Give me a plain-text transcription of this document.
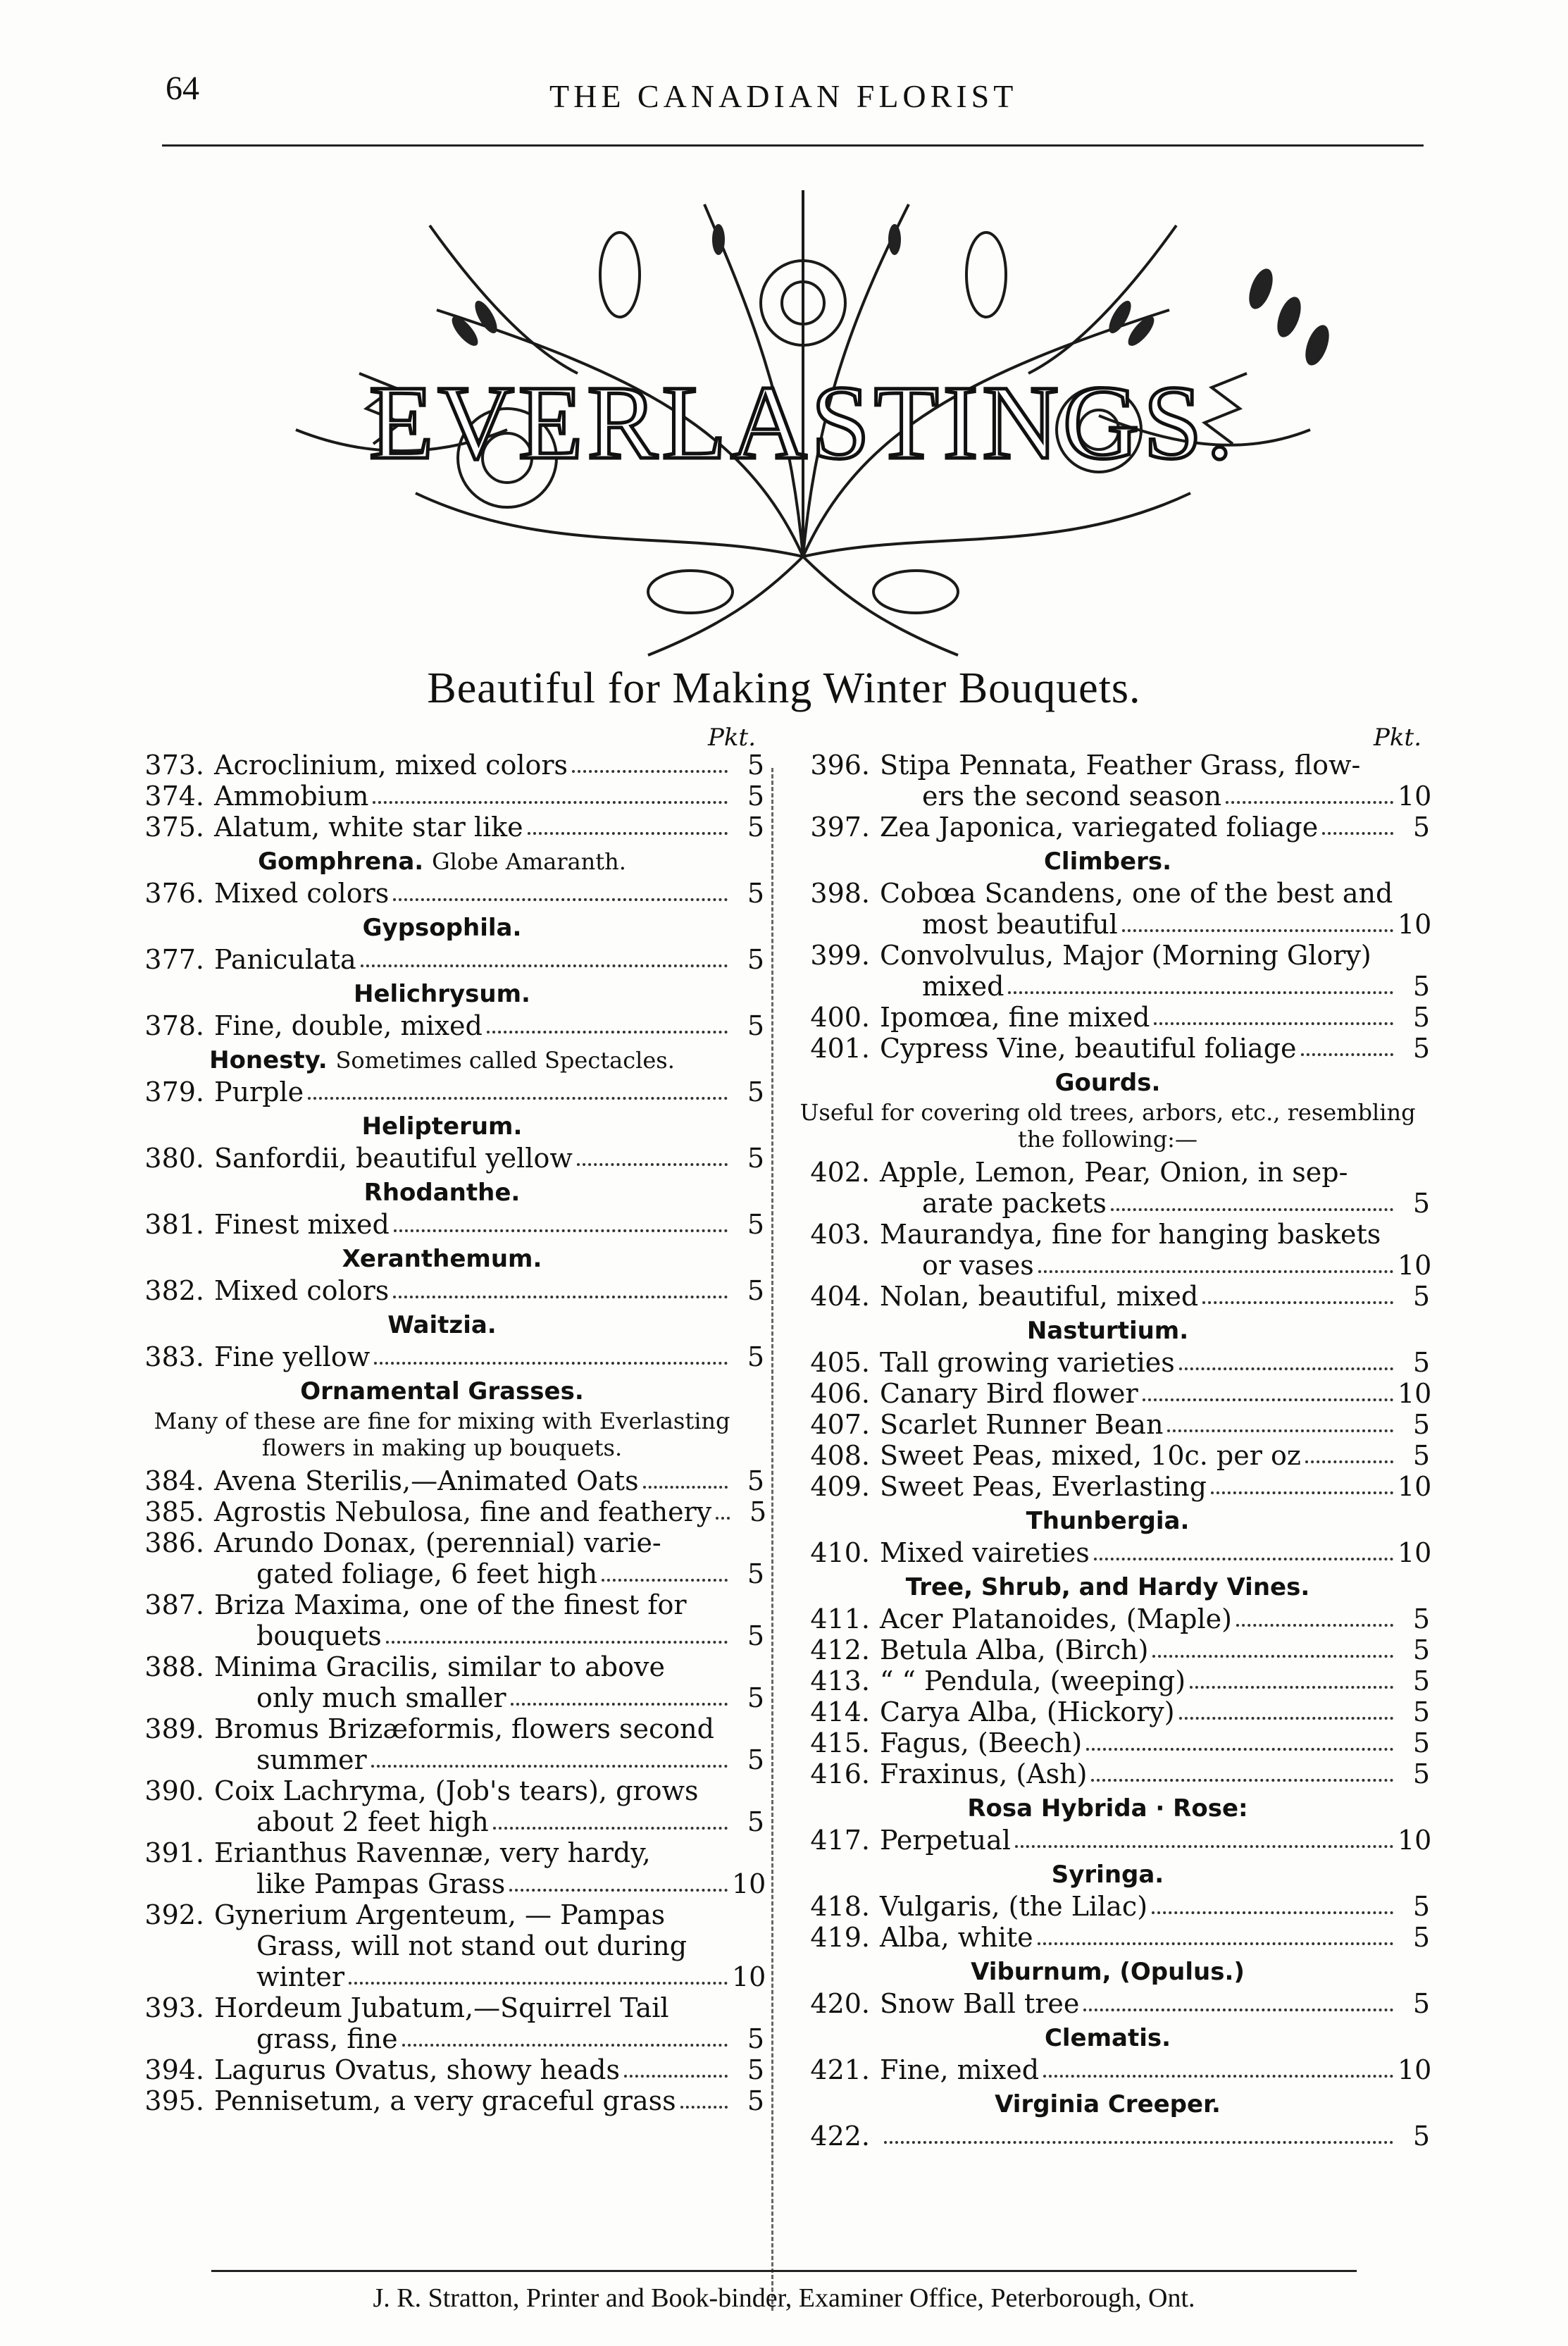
64	THE CANADIAN FLORIST
EVERLASTINGS.
Beautiful for Making Winter Bouquets.
Pkt.
373. Acroclinium, mixed colors	5
374. Ammobium	5
375. Alatum, white star like	5
Gomphrena. Globe Amaranth.
376. Mixed colors	5
Gypsophila.
377. Paniculata	5
Helichrysum.
378. Fine, double, mixed	5
Honesty. Sometimes called Spectacles.
379. Purple	5
Helipterum.
380. Sanfordii, beautiful yellow	5
Rhodanthe.
381. Finest mixed	5
Xeranthemum.
382. Mixed colors	5
Waitzia.
383. Fine yellow	5
Ornamental Grasses.
Many of these are fine for mixing with Everlasting flowers in making up bouquets.
384. Avena Sterilis,—Animated Oats	5
385. Agrostis Nebulosa, fine and feathery	5
386. Arundo Donax, (perennial) varie-
gated foliage, 6 feet high	5
387. Briza Maxima, one of the finest for
bouquets	5
388. Minima Gracilis, similar to above
only much smaller	5
389. Bromus Brizæformis, flowers second
summer	5
390. Coix Lachryma, (Job's tears), grows
about 2 feet high	5
391. Erianthus Ravennæ, very hardy,
like Pampas Grass	10
392. Gynerium Argenteum, — Pampas
Grass, will not stand out during
winter	10
393. Hordeum Jubatum,—Squirrel Tail
grass, fine	5
394. Lagurus Ovatus, showy heads	5
395. Pennisetum, a very graceful grass	5
Pkt.
396. Stipa Pennata, Feather Grass, flow-
ers the second season	10
397. Zea Japonica, variegated foliage	5
Climbers.
398. Cobœa Scandens, one of the best and
most beautiful	10
399. Convolvulus, Major (Morning Glory)
mixed	5
400. Ipomœa, fine mixed	5
401. Cypress Vine, beautiful foliage	5
Gourds.
Useful for covering old trees, arbors, etc., resembling the following:—
402. Apple, Lemon, Pear, Onion, in sep-
arate packets	5
403. Maurandya, fine for hanging baskets
or vases	10
404. Nolan, beautiful, mixed	5
Nasturtium.
405. Tall growing varieties	5
406. Canary Bird flower	10
407. Scarlet Runner Bean	5
408. Sweet Peas, mixed, 10c. per oz	5
409. Sweet Peas, Everlasting	10
Thunbergia.
410. Mixed vaireties	10
Tree, Shrub, and Hardy Vines.
411. Acer Platanoides, (Maple)	5
412. Betula Alba, (Birch)	5
413. “ “ Pendula, (weeping)	5
414. Carya Alba, (Hickory)	5
415. Fagus, (Beech)	5
416. Fraxinus, (Ash)	5
Rosa Hybrida · Rose:
417. Perpetual	10
Syringa.
418. Vulgaris, (the Lilac)	5
419. Alba, white	5
Viburnum, (Opulus.)
420. Snow Ball tree	5
Clematis.
421. Fine, mixed	10
Virginia Creeper.
422.	5
J. R. Stratton, Printer and Book-binder, Examiner Office, Peterborough, Ont.
